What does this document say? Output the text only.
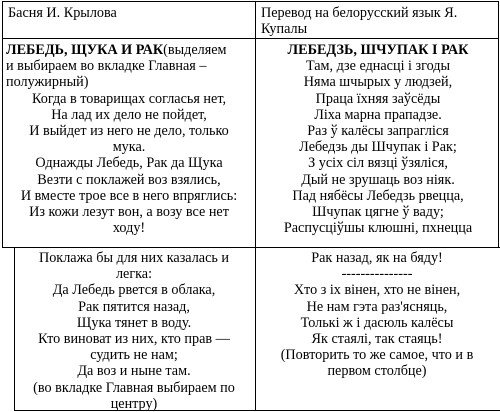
Басня И. Крылова	Перевод на белорусский язык Я.
Купалы
ЛЕБЕДЬ, ЩУКА И РАК(выделяем
и выбираем во вкладке Главная –
полужирный)
Когда в товарищах согласья нет,
На лад их дело не пойдет,
И выйдет из него не дело, только
мука.
Однажды Лебедь, Рак да Щука
Везти с поклажей воз взялись,
И вместе трое все в него впряглись:
Из кожи лезут вон, а возу все нет
ходу!
ЛЕБЕДЗЬ, ШЧУПАК І РАК
Там, дзе еднасці і згоды
Няма шчырых у людзей,
Праца ïхняя заўсёды
Ліха марна прападзе.
Раз ў калёсы запрагліся
Лебедзь ды Шчупак і Рак;
З усіх сіл вязці ўзяліся,
Дый не зрушаць воз ніяк.
Пад нябёсы Лебедзь рвецца,
Шчупак цягне ў ваду;
Распусціўшы клюшні, пхнецца
Поклажа бы для них казалась и
легка:
Да Лебедь рвется в облака,
Рак пятится назад,
Щука тянет в воду.
Кто виноват из них, кто прав —
судить не нам;
Да воз и ныне там.
(во вкладке Главная выбираем по
центру)
Рак назад, як на бяду!
---------------
Хто з іх вінен, хто не вінен,
Не нам гэта раз'ясняць,
Толькі ж і дасюль калёсы
Як стаялі, так стаяць!
(Повторить то же самое, что и в
первом столбце)
